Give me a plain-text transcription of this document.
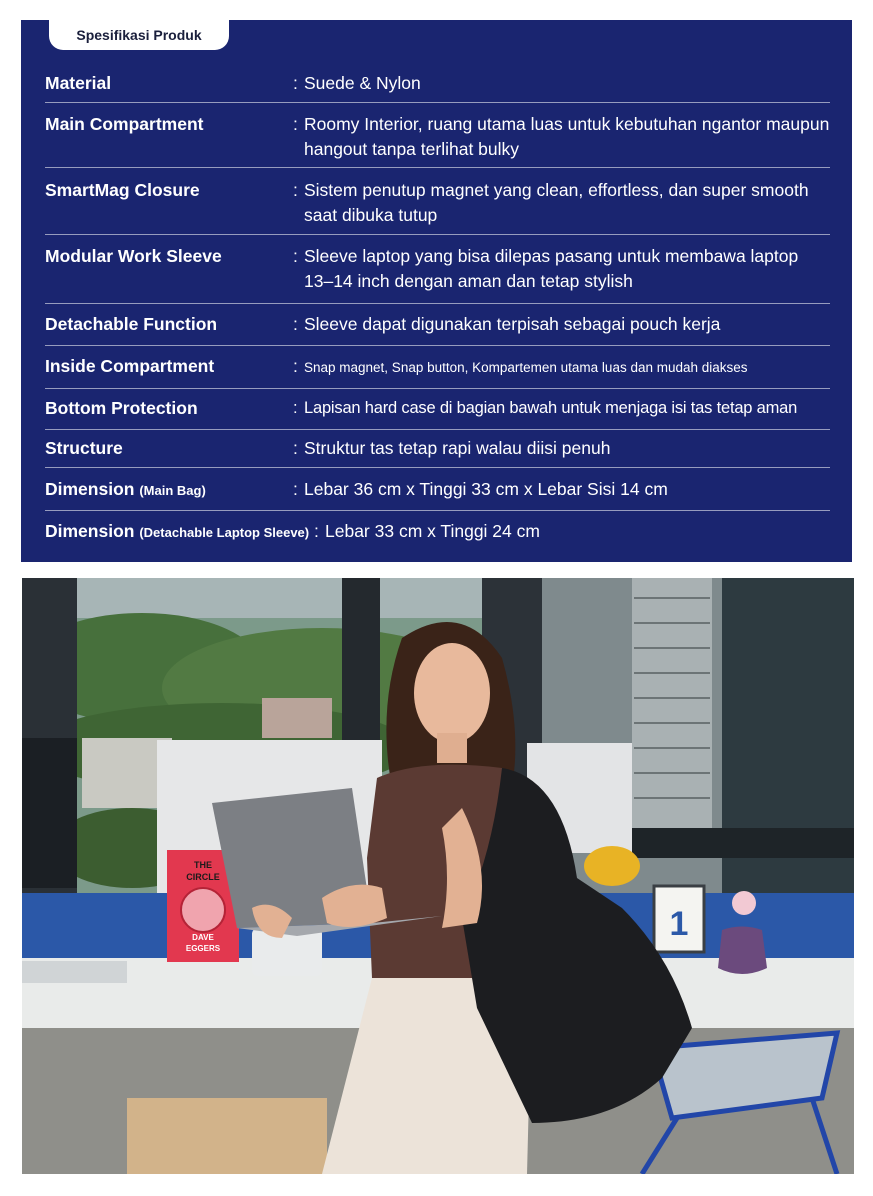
Spesifikasi Produk
Material	: Suede & Nylon
Main Compartment	: Roomy Interior, ruang utama luas untuk kebutuhan ngantor maupun hangout tanpa terlihat bulky
SmartMag Closure	: Sistem penutup magnet yang clean, effortless, dan super smooth saat dibuka tutup
Modular Work Sleeve	: Sleeve laptop yang bisa dilepas pasang untuk membawa laptop 13–14 inch dengan aman dan tetap stylish
Detachable Function	: Sleeve dapat digunakan terpisah sebagai pouch kerja
Inside Compartment	: Snap magnet, Snap button, Kompartemen utama luas dan mudah diakses
Bottom Protection	: Lapisan hard case di bagian bawah untuk menjaga isi tas tetap aman
Structure	: Struktur tas tetap rapi walau diisi penuh
Dimension (Main Bag)	: Lebar 36 cm x Tinggi 33 cm x Lebar Sisi 14 cm
Dimension (Detachable Laptop Sleeve) : Lebar 33 cm x Tinggi 24 cm
THE
CIRCLE
DAVE
EGGERS
1
